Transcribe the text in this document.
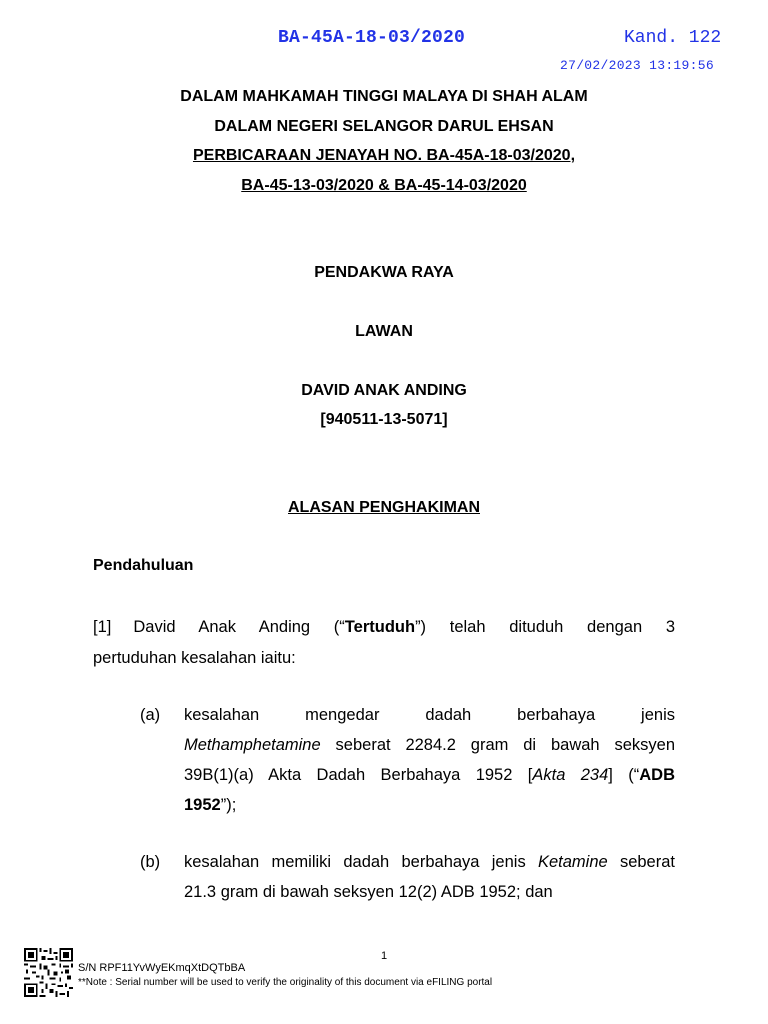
BA-45A-18-03/2020	Kand. 122
27/02/2023 13:19:56
DALAM MAHKAMAH TINGGI MALAYA DI SHAH ALAM
DALAM NEGERI SELANGOR DARUL EHSAN
PERBICARAAN JENAYAH NO. BA-45A-18-03/2020,
BA-45-13-03/2020 & BA-45-14-03/2020
PENDAKWA RAYA
LAWAN
DAVID ANAK ANDING
[940511-13-5071]
ALASAN PENGHAKIMAN
Pendahuluan
[1] David Anak Anding (“Tertuduh”) telah dituduh dengan 3
pertuduhan kesalahan iaitu:
(a) kesalahan mengedar dadah berbahaya jenis
Methamphetamine seberat 2284.2 gram di bawah seksyen
39B(1)(a) Akta Dadah Berbahaya 1952 [Akta 234] (“ADB
1952”);
(b) kesalahan memiliki dadah berbahaya jenis Ketamine seberat
21.3 gram di bawah seksyen 12(2) ADB 1952; dan
1
S/N RPF11YvWyEKmqXtDQTbBA
**Note : Serial number will be used to verify the originality of this document via eFILING portal
